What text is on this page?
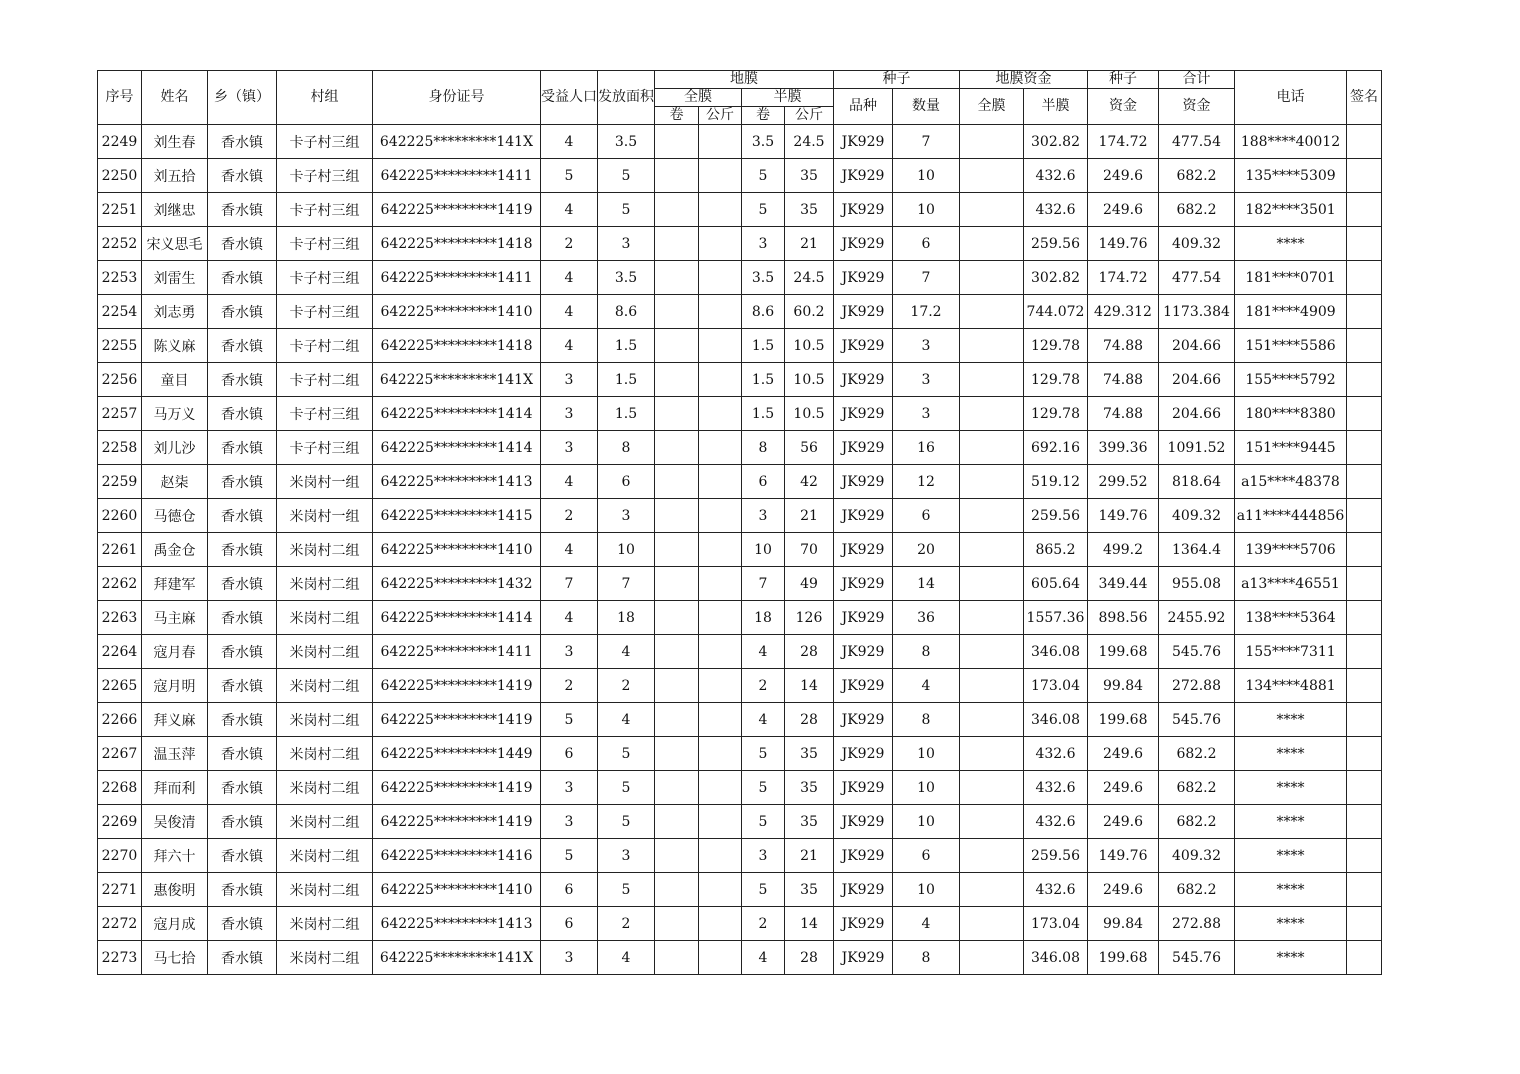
序号	姓名	乡（镇）	村组	身份证号	受益人口	发放面积	地膜				种子		地膜资金		种子	合计	电话	签名
							全膜		半膜		品种	数量	全膜	半膜	资金	资金		
							卷	公斤	卷	公斤								
2249	刘生春	香水镇	卡子村三组	642225*********141X	4	3.5			3.5	24.5	JK929	7		302.82	174.72	477.54	188****40012	
2250	刘五拾	香水镇	卡子村三组	642225*********1411	5	5			5	35	JK929	10		432.6	249.6	682.2	135****5309	
2251	刘继忠	香水镇	卡子村三组	642225*********1419	4	5			5	35	JK929	10		432.6	249.6	682.2	182****3501	
2252	宋义思毛	香水镇	卡子村三组	642225*********1418	2	3			3	21	JK929	6		259.56	149.76	409.32	****	
2253	刘雷生	香水镇	卡子村三组	642225*********1411	4	3.5			3.5	24.5	JK929	7		302.82	174.72	477.54	181****0701	
2254	刘志勇	香水镇	卡子村三组	642225*********1410	4	8.6			8.6	60.2	JK929	17.2		744.072	429.312	1173.384	181****4909	
2255	陈义麻	香水镇	卡子村二组	642225*********1418	4	1.5			1.5	10.5	JK929	3		129.78	74.88	204.66	151****5586	
2256	童目	香水镇	卡子村二组	642225*********141X	3	1.5			1.5	10.5	JK929	3		129.78	74.88	204.66	155****5792	
2257	马万义	香水镇	卡子村三组	642225*********1414	3	1.5			1.5	10.5	JK929	3		129.78	74.88	204.66	180****8380	
2258	刘儿沙	香水镇	卡子村三组	642225*********1414	3	8			8	56	JK929	16		692.16	399.36	1091.52	151****9445	
2259	赵柒	香水镇	米岗村一组	642225*********1413	4	6			6	42	JK929	12		519.12	299.52	818.64	a15****48378	
2260	马德仓	香水镇	米岗村一组	642225*********1415	2	3			3	21	JK929	6		259.56	149.76	409.32	a11****444856	
2261	禹金仓	香水镇	米岗村二组	642225*********1410	4	10			10	70	JK929	20		865.2	499.2	1364.4	139****5706	
2262	拜建军	香水镇	米岗村二组	642225*********1432	7	7			7	49	JK929	14		605.64	349.44	955.08	a13****46551	
2263	马主麻	香水镇	米岗村二组	642225*********1414	4	18			18	126	JK929	36		1557.36	898.56	2455.92	138****5364	
2264	寇月春	香水镇	米岗村二组	642225*********1411	3	4			4	28	JK929	8		346.08	199.68	545.76	155****7311	
2265	寇月明	香水镇	米岗村二组	642225*********1419	2	2			2	14	JK929	4		173.04	99.84	272.88	134****4881	
2266	拜义麻	香水镇	米岗村二组	642225*********1419	5	4			4	28	JK929	8		346.08	199.68	545.76	****	
2267	温玉萍	香水镇	米岗村二组	642225*********1449	6	5			5	35	JK929	10		432.6	249.6	682.2	****	
2268	拜而利	香水镇	米岗村二组	642225*********1419	3	5			5	35	JK929	10		432.6	249.6	682.2	****	
2269	吴俊清	香水镇	米岗村二组	642225*********1419	3	5			5	35	JK929	10		432.6	249.6	682.2	****	
2270	拜六十	香水镇	米岗村二组	642225*********1416	5	3			3	21	JK929	6		259.56	149.76	409.32	****	
2271	惠俊明	香水镇	米岗村二组	642225*********1410	6	5			5	35	JK929	10		432.6	249.6	682.2	****	
2272	寇月成	香水镇	米岗村二组	642225*********1413	6	2			2	14	JK929	4		173.04	99.84	272.88	****	
2273	马七拾	香水镇	米岗村二组	642225*********141X	3	4			4	28	JK929	8		346.08	199.68	545.76	****	
